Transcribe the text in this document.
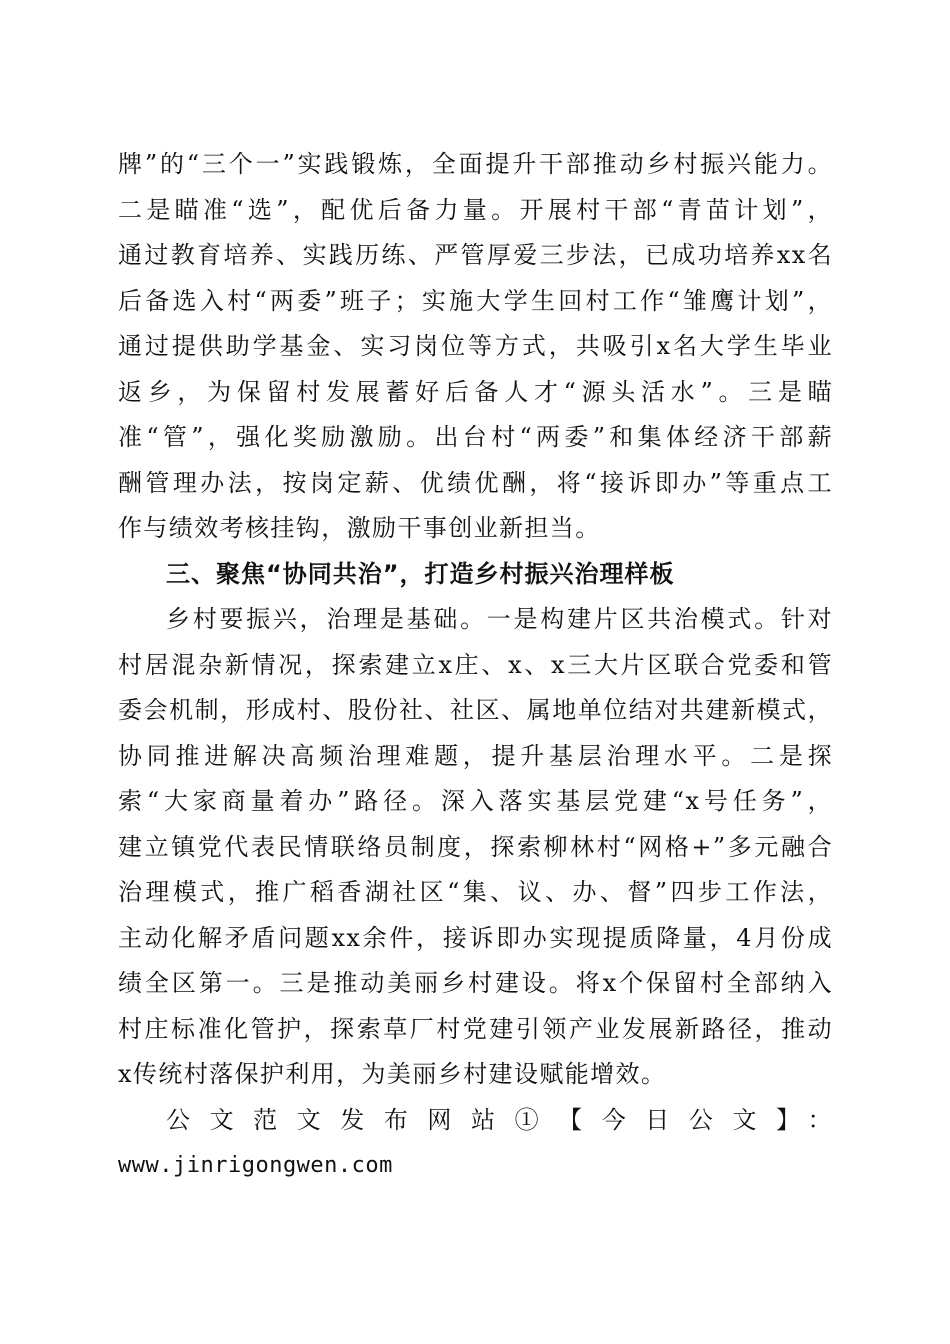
牌”的“三个一”实践锻炼，全面提升干部推动乡村振兴能力。
二是瞄准“选”，配优后备力量。开展村干部“青苗计划”，
通过教育培养、实践历练、严管厚爱三步法，已成功培养xx名
后备选入村“两委”班子；实施大学生回村工作“雏鹰计划”，
通过提供助学基金、实习岗位等方式，共吸引x名大学生毕业
返乡，为保留村发展蓄好后备人才“源头活水”。三是瞄
准“管”，强化奖励激励。出台村“两委”和集体经济干部薪
酬管理办法，按岗定薪、优绩优酬，将“接诉即办”等重点工
作与绩效考核挂钩，激励干事创业新担当。
三、聚焦“协同共治”，打造乡村振兴治理样板
乡村要振兴，治理是基础。一是构建片区共治模式。针对
村居混杂新情况，探索建立x庄、x、x三大片区联合党委和管
委会机制，形成村、股份社、社区、属地单位结对共建新模式，
协同推进解决高频治理难题，提升基层治理水平。二是探
索“大家商量着办”路径。深入落实基层党建“x号任务”，
建立镇党代表民情联络员制度，探索柳林村“网格+”多元融合
治理模式，推广稻香湖社区“集、议、办、督”四步工作法，
主动化解矛盾问题xx余件，接诉即办实现提质降量，4月份成
绩全区第一。三是推动美丽乡村建设。将x个保留村全部纳入
村庄标准化管护，探索草厂村党建引领产业发展新路径，推动
x传统村落保护利用，为美丽乡村建设赋能增效。
公文范文发布网站①【今日公文】：
www.jinrigongwen.com
